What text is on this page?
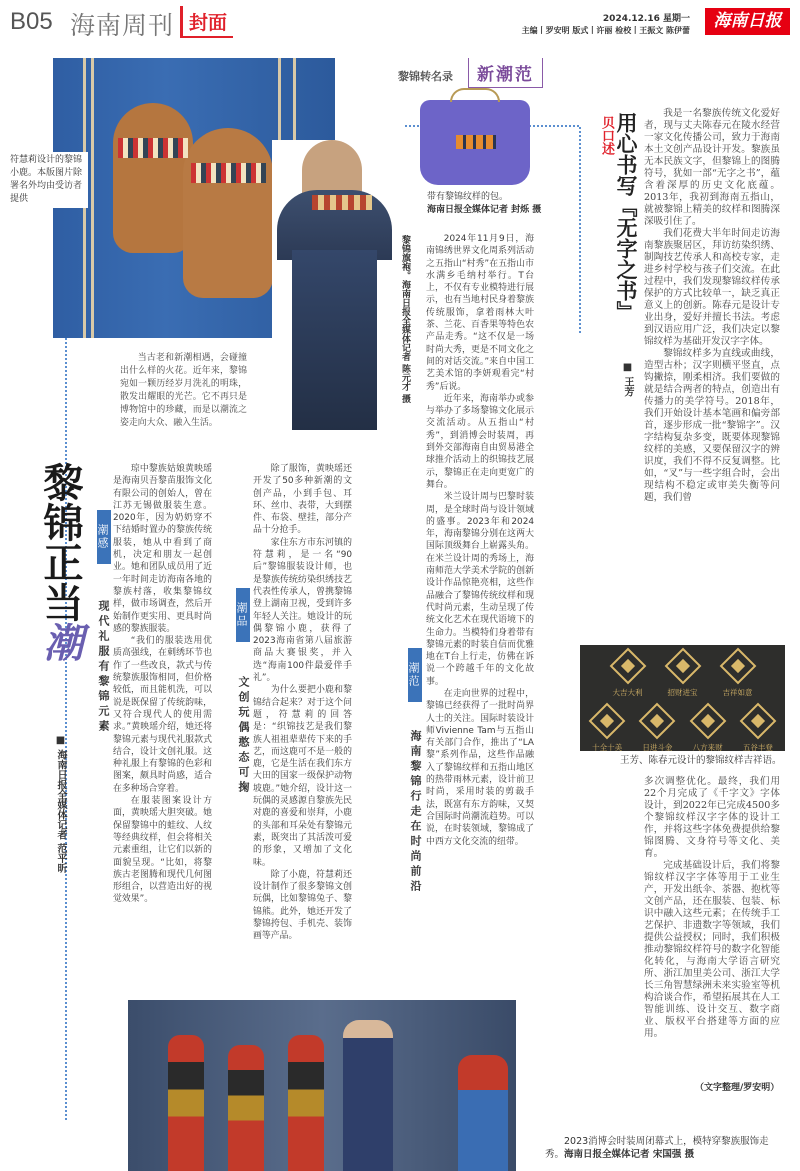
B05 海南周刊 封面	2024.12.16 星期一
主编丨罗安明 版式丨许丽 检校丨王振文 陈伊蕾	海南日报
符慧莉设计的黎锦小鹿。本版图片除署名外均由受访者提供
黎锦旗袍。海南日报全媒体记者 陈元才 摄
黎锦转名录	新潮范
带有黎锦纹样的包。
海南日报全媒体记者 封烁 摄

当古老和新潮相遇，会碰撞出什么样的火花。近年来，黎锦宛如一颗历经岁月洗礼的明珠，散发出耀眼的光芒。它不再只是博物馆中的珍藏，而是以潮流之姿走向大众、融入生活。

黎锦正当潮
■ 海南日报全媒体记者 范平昕
潮感
现代礼服有黎锦元素	潮品
文创玩偶憨态可掬
潮范
海南黎锦行走在时尚前沿

琼中黎族姑娘黄映瑶是海南贝吾黎苗服饰文化有限公司的创始人，曾在江苏无锡做服装生意。2020年，因为奶奶穿不下结婚时置办的黎族传统服装，她从中看到了商机，决定和朋友一起创业。她和团队成员用了近一年时间走访海南各地的黎族村落，收集黎锦纹样，做市场调查，然后开始制作更实用、更具时尚感的黎族服装。

“我们的服装选用优质高强线，在刺绣环节也作了一些改良，款式与传统黎族服饰相同，但价格较低，而且能机洗，可以说是既保留了传统韵味，又符合现代人的使用需求。”黄映瑶介绍，她还将黎锦元素与现代礼服款式结合，设计文创礼服。这种礼服上有黎锦的色彩和图案，颇具时尚感，适合在多种场合穿着。

在服装图案设计方面，黄映瑶大胆突破。她保留黎锦中的蛙纹、人纹等经典纹样，但会将相关元素重组，让它们以新的面貌呈现。“比如，将黎族古老图腾和现代几何图形组合，以营造出好的视觉效果”。

除了服饰，黄映瑶还开发了50多种新潮的文创产品，小到手包、耳环、丝巾、表带，大到摆件、布袋、壁挂，部分产品十分抢手。

家住东方市东河镇的符慧莉，是一名“90后”黎锦服装设计师，也是黎族传统纺染织绣技艺代表性传承人，曾携黎锦登上湖南卫视，受到许多年轻人关注。她设计的玩偶黎锦小鹿，获得了2023海南省第八届旅游商品大赛银奖，并入选“海南100件最爱伴手礼”。

为什么要把小鹿和黎锦结合起来？对于这个问题，符慧莉的回答是：“织锦技艺是我们黎族人祖祖辈辈传下来的手艺，而这鹿可不是一般的鹿，它是生活在我们东方大田的国家一级保护动物坡鹿。”她介绍，设计这一玩偶的灵感源自黎族先民对鹿的喜爱和崇拜，小鹿的头部和耳朵处有黎锦元素，既突出了其活泼可爱的形象，又增加了文化味。

除了小鹿，符慧莉还设计制作了很多黎锦文创玩偶，比如黎锦兔子、黎锦熊。此外，她还开发了黎锦挎包、手机壳、装饰画等产品。

2024年11月9日，海南锦绣世界文化周系列活动之五指山“村秀”在五指山市水满乡毛纳村举行。T台上，不仅有专业模特进行展示，也有当地村民身着黎族传统服饰，拿着雨林大叶茶、兰花、百香果等特色农产品走秀。“这不仅是一场时尚大秀，更是不同文化之间的对话交流。”来自中国工艺美术馆的李妍观看完“村秀”后说。

近年来，海南举办或参与举办了多场黎锦文化展示交流活动。从五指山“村秀”，到消博会时装周，再到外交部海南自由贸易港全球推介活动上的织锦技艺展示，黎锦正在走向更宽广的舞台。

米兰设计周与巴黎时装周，是全球时尚与设计领域的盛事。2023年和2024年，海南黎锦分别在这两大国际顶级舞台上崭露头角。在米兰设计周的秀场上，海南师范大学美术学院的创新设计作品惊艳亮相，这些作品融合了黎锦传统纹样和现代时尚元素，生动呈现了传统文化艺术在现代语境下的生命力。当模特们身着带有黎锦元素的时装自信而优雅地在T台上行走，仿佛在诉说一个跨越千年的文化故事。

在走向世界的过程中，黎锦已经获得了一批时尚界人士的关注。国际时装设计师Vivienne Tam与五指山有关部门合作，推出了“LA黎”系列作品，这些作品融入了黎锦纹样和五指山地区的热带雨林元素，设计前卫时尚，采用时装的剪裁手法，既富有东方韵味，又契合国际时尚潮流趋势。可以说，在时装领域，黎锦成了中西方文化交流的纽带。

贝口述 用心书写『无字之书』
■ 王芳

我是一名黎族传统文化爱好者，现与丈夫陈春元在陵水经营一家文化传播公司，致力于海南本土文创产品设计开发。黎族虽无本民族文字，但黎锦上的图腾符号，犹如一部“无字之书”，蕴含着深厚的历史文化底蕴。2013年，我初到海南五指山，就被黎锦上精美的纹样和图腾深深吸引住了。

我们花费大半年时间走访海南黎族聚居区，拜访纺染织绣、制陶技艺传承人和高校专家，走进乡村学校与孩子们交流。在此过程中，我们发现黎锦纹样传承保护的方式比较单一，缺乏真正意义上的创新。陈春元是设计专业出身，爱好并擅长书法。考虑到汉语应用广泛，我们决定以黎锦纹样为基础开发汉字字体。

黎锦纹样多为直线或曲线，造型古朴；汉字则横平竖直，点钩撇捺，刚柔相济。我们要做的就是结合两者的特点，创造出有传播力的美学符号。2018年，我们开始设计基本笔画和偏旁部首，逐步形成一批“黎锦字”。汉字结构复杂多变，既要体现黎锦纹样的美感，又要保留汉字的辨识度，我们不得不反复调整。比如，“叉”与一些字组合时，会出现结构不稳定或审美失衡等问题，我们曾

大吉大利	招财进宝	吉祥如意
十全十美	日进斗金	八方来财	五谷丰登
王芳、陈春元设计的黎锦纹样吉祥语。

多次调整优化。最终，我们用22个月完成了《千字文》字体设计，到2022年已完成4500多个黎锦纹样汉字字体的设计工作，并将这些字体免费提供给黎锦图腾、文身符号等文化、美育。

完成基础设计后，我们将黎锦纹样汉字字体等用于工业生产，开发出纸伞、茶器、抱枕等文创产品，还在服装、包装、标识中融入这些元素；在传统手工艺保护、非遗数字等领域，我们提供公益授权；同时，我们积极推动黎锦纹样符号的数字化智能化转化，与海南大学语言研究所、浙江加里美公司、浙江大学长三角智慧绿洲未来实验室等机构洽谈合作，希望拓展其在人工智能训练、设计交互、数字商业、版权平台搭建等方面的应用。

（文字整理/罗安明）
2023消博会时装周闭幕式上，模特穿黎族服饰走秀。海南日报全媒体记者 宋国强 摄
